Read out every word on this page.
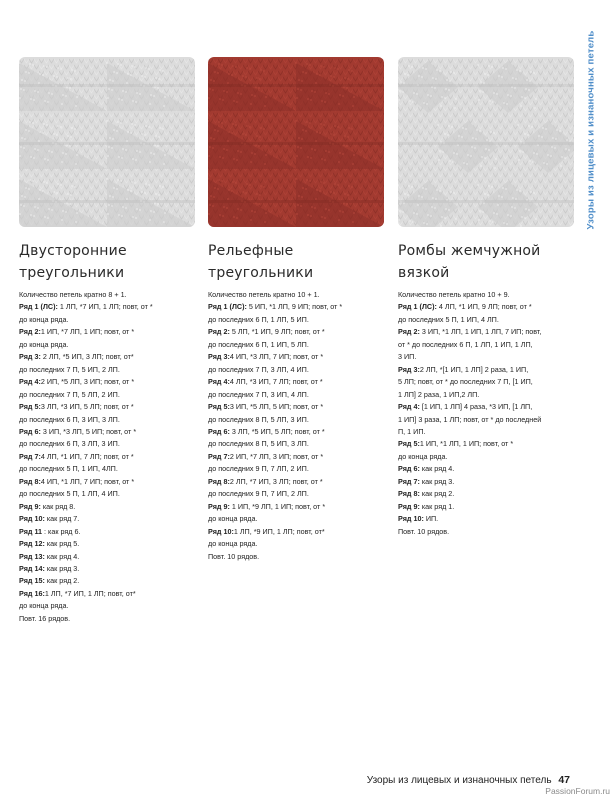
Двусторонние
треугольники
Рельефные
треугольники
Ромбы жемчужной
вязкой
Количество петель кратно 8 + 1.
Ряд 1 (ЛС): 1 ЛП, *7 ИП, 1 ЛП; повт, от *
до конца ряда.
Ряд 2:1 ИП, *7 ЛП, 1 ИП; повт, от *
до конца ряда.
Ряд 3: 2 ЛП, *5 ИП, 3 ЛП; повт, от*
до последних 7 П, 5 ИП, 2 ЛП.
Ряд 4:2 ИП, *5 ЛП, 3 ИП; повт, от *
до последних 7 П, 5 ЛП, 2 ИП.
Ряд 5:3 ЛП, *3 ИП, 5 ЛП; повт, от *
до последних 6 П, 3 ИП, 3 ЛП.
Ряд 6: 3 ИП, *3 ЛП, 5 ИП; повт, от *
до последних 6 П, 3 ЛП, 3 ИП.
Ряд 7:4 ЛП, *1 ИП, 7 ЛП; повт, от *
до последних 5 П, 1 ИП, 4ЛП.
Ряд 8:4 ИП, *1 ЛП, 7 ИП; повт, от *
до последних 5 П, 1 ЛП, 4 ИП.
Ряд 9: как ряд 8.
Ряд 10: как ряд 7.
Ряд 11 : как ряд 6.
Ряд 12: как ряд 5.
Ряд 13: как ряд 4.
Ряд 14: как ряд 3.
Ряд 15: как ряд 2.
Ряд 16:1 ЛП, *7 ИП, 1 ЛП; повт, от*
до конца ряда.
Повт. 16 рядов.
Количество петель кратно 10 + 1.
Ряд 1 (ЛС): 5 ИП, *1 ЛП, 9 ИП; повт, от *
до последних 6 П, 1 ЛП, 5 ИП.
Ряд 2: 5 ЛП, *1 ИП, 9 ЛП; повт, от *
до последних 6 П, 1 ИП, 5 ЛП.
Ряд 3:4 ИП, *3 ЛП, 7 ИП; повт, от *
до последних 7 П, 3 ЛП, 4 ИП.
Ряд 4:4 ЛП, *3 ИП, 7 ЛП; повт, от *
до последних 7 П, 3 ИП, 4 ЛП.
Ряд 5:3 ИП, *5 ЛП, 5 ИП; повт, от *
до последних 8 П, 5 ЛП, 3 ИП.
Ряд 6: 3 ЛП, *5 ИП, 5 ЛП; повт, от *
до последних 8 П, 5 ИП, 3 ЛП.
Ряд 7:2 ИП, *7 ЛП, 3 ИП; повт, от *
до последних 9 П, 7 ЛП, 2 ИП.
Ряд 8:2 ЛП, *7 ИП, 3 ЛП; повт, от *
до последних 9 П, 7 ИП, 2 ЛП.
Ряд 9: 1 ИП, *9 ЛП, 1 ИП; повт, от *
до конца ряда.
Ряд 10:1 ЛП, *9 ИП, 1 ЛП; повт, от*
до конца ряда.
Повт. 10 рядов.
Количество петель кратно 10 + 9.
Ряд 1 (ЛС): 4 ЛП, *1 ИП, 9 ЛП; повт, от *
до последних 5 П, 1 ИП, 4 ЛП.
Ряд 2: 3 ИП, *1 ЛП, 1 ИП, 1 ЛП, 7 ИП; повт,
от * до последних 6 П, 1 ЛП, 1 ИП, 1 ЛП,
3 ИП.
Ряд 3:2 ЛП, *[1 ИП, 1 ЛП] 2 раза, 1 ИП,
5 ЛП; повт, от * до последних 7 П, [1 ИП,
1 ЛП] 2 раза, 1 ИП,2 ЛП.
Ряд 4: [1 ИП, 1 ЛП] 4 раза, *3 ИП, [1 ЛП,
1 ИП] 3 раза, 1 ЛП; повт, от * до последней
П, 1 ИП.
Ряд 5:1 ИП, *1 ЛП, 1 ИП; повт, от *
до конца ряда.
Ряд 6: как ряд 4.
Ряд 7: как ряд 3.
Ряд 8: как ряд 2.
Ряд 9: как ряд 1.
Ряд 10: ИП.
Повт. 10 рядов.
Узоры из лицевых и изнаночных петель
Узоры из лицевых и изнаночных петель 47
PassionForum.ru
